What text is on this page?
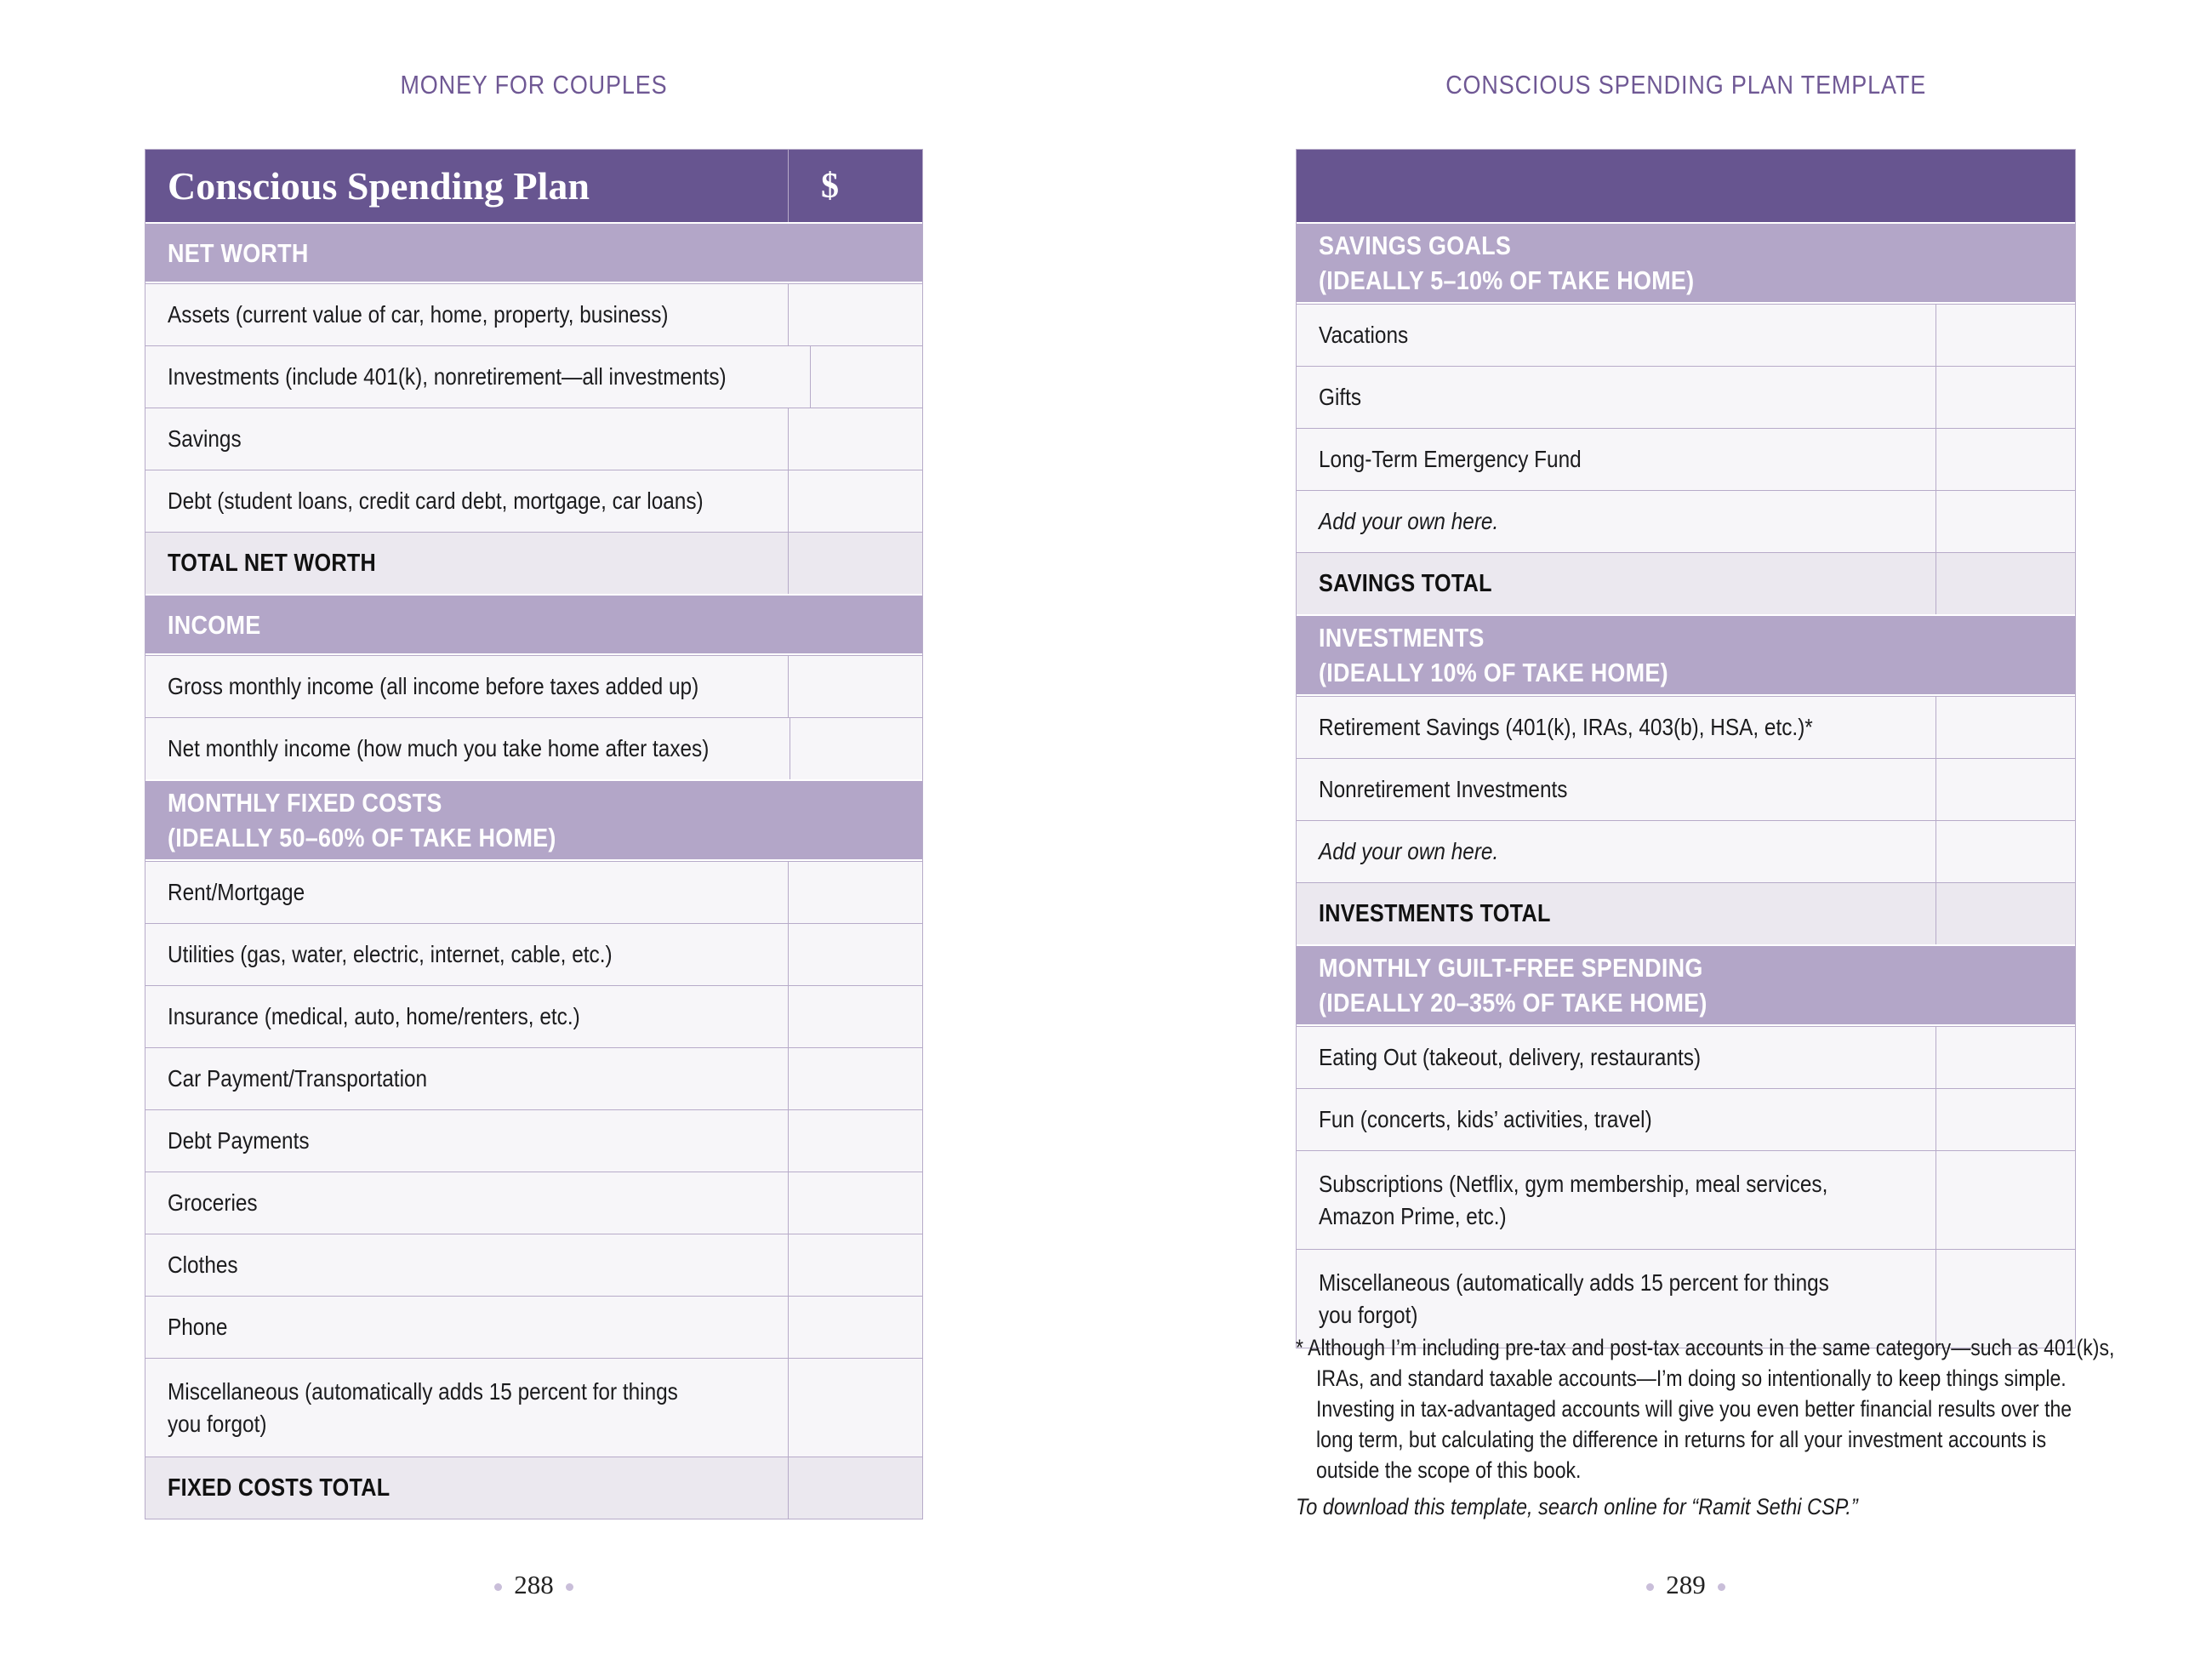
MONEY FOR COUPLES	CONSCIOUS SPENDING PLAN TEMPLATE
Conscious Spending Plan	$
NET WORTH
Assets (current value of car, home, property, business)
Investments (include 401(k), nonretirement—all investments)
Savings
Debt (student loans, credit card debt, mortgage, car loans)
TOTAL NET WORTH
INCOME
Gross monthly income (all income before taxes added up)
Net monthly income (how much you take home after taxes)
MONTHLY FIXED COSTS
(IDEALLY 50–60% OF TAKE HOME)
Rent/Mortgage
Utilities (gas, water, electric, internet, cable, etc.)
Insurance (medical, auto, home/renters, etc.)
Car Payment/Transportation
Debt Payments
Groceries
Clothes
Phone
Miscellaneous (automatically adds 15 percent for things
you forgot)
FIXED COSTS TOTAL
SAVINGS GOALS
(IDEALLY 5–10% OF TAKE HOME)
Vacations
Gifts
Long-Term Emergency Fund
Add your own here.
SAVINGS TOTAL
INVESTMENTS
(IDEALLY 10% OF TAKE HOME)
Retirement Savings (401(k), IRAs, 403(b), HSA, etc.)*
Nonretirement Investments
Add your own here.
INVESTMENTS TOTAL
MONTHLY GUILT-FREE SPENDING
(IDEALLY 20–35% OF TAKE HOME)
Eating Out (takeout, delivery, restaurants)
Fun (concerts, kids’ activities, travel)
Subscriptions (Netflix, gym membership, meal services,
Amazon Prime, etc.)
Miscellaneous (automatically adds 15 percent for things
you forgot)
* Although I’m including pre-tax and post-tax accounts in the same category—such as 401(k)s,
IRAs, and standard taxable accounts—I’m doing so intentionally to keep things simple.
Investing in tax-advantaged accounts will give you even better financial results over the
long term, but calculating the difference in returns for all your investment accounts is
outside the scope of this book.
To download this template, search online for “Ramit Sethi CSP.”
288	289
